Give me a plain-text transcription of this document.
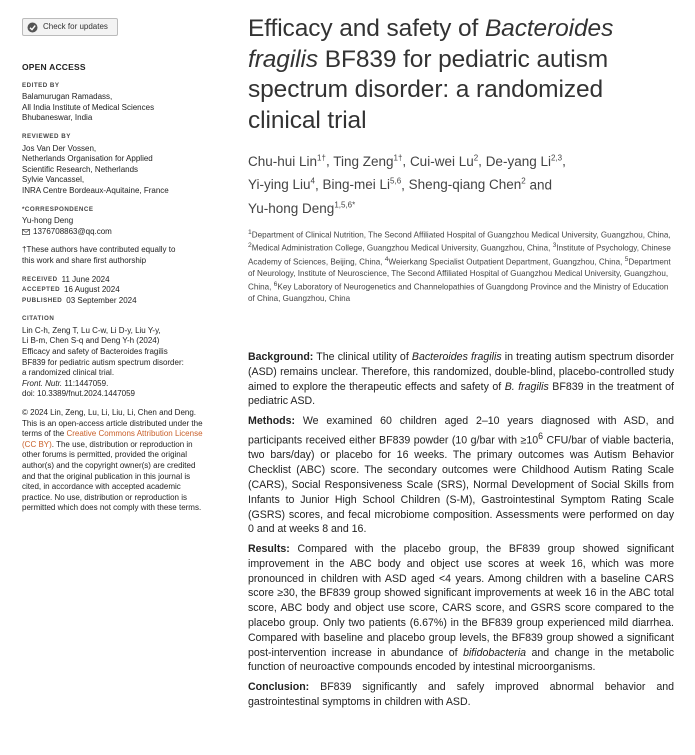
Check for updates
OPEN ACCESS
EDITED BY
Balamurugan Ramadass,
All India Institute of Medical Sciences
Bhubaneswar, India
REVIEWED BY
Jos Van Der Vossen,
Netherlands Organisation for Applied
Scientific Research, Netherlands
Sylvie Vancassel,
INRA Centre Bordeaux-Aquitaine, France
*CORRESPONDENCE
Yu-hong Deng
1376708863@qq.com
†These authors have contributed equally to
this work and share first authorship
RECEIVED 11 June 2024
ACCEPTED 16 August 2024
PUBLISHED 03 September 2024
CITATION
Lin C-h, Zeng T, Lu C-w, Li D-y, Liu Y-y,
Li B-m, Chen S-q and Deng Y-h (2024)
Efficacy and safety of Bacteroides fragilis
BF839 for pediatric autism spectrum disorder:
a randomized clinical trial.
Front. Nutr. 11:1447059.
doi: 10.3389/fnut.2024.1447059
© 2024 Lin, Zeng, Lu, Li, Liu, Li, Chen and Deng. This is an open-access article distributed under the terms of the Creative Commons Attribution License (CC BY). The use, distribution or reproduction in other forums is permitted, provided the original author(s) and the copyright owner(s) are credited and that the original publication in this journal is cited, in accordance with accepted academic practice. No use, distribution or reproduction is permitted which does not comply with these terms.
Efficacy and safety of Bacteroides fragilis BF839 for pediatric autism spectrum disorder: a randomized clinical trial
Chu-hui Lin$^{1\dagger}$, Ting Zeng$^{1\dagger}$, Cui-wei Lu$^2$, De-yang Li$^{2,3}$,
Yi-ying Liu$^4$, Bing-mei Li$^{5,6}$, Sheng-qiang Chen$^2$ and
Yu-hong Deng$^{1,5,6*}$
$^1$Department of Clinical Nutrition, The Second Affiliated Hospital of Guangzhou Medical University, Guangzhou, China, $^2$Medical Administration College, Guangzhou Medical University, Guangzhou, China, $^3$Institute of Psychology, Chinese Academy of Sciences, Beijing, China, $^4$Weierkang Specialist Outpatient Department, Guangzhou, China, $^5$Department of Neurology, Institute of Neuroscience, The Second Affiliated Hospital of Guangzhou Medical University, Guangzhou, China, $^6$Key Laboratory of Neurogenetics and Channelopathies of Guangdong Province and the Ministry of Education of China, Guangzhou, China

Background: The clinical utility of Bacteroides fragilis in treating autism spectrum disorder (ASD) remains unclear. Therefore, this randomized, double-blind, placebo-controlled study aimed to explore the therapeutic effects and safety of B. fragilis BF839 in the treatment of pediatric ASD.

Methods: We examined 60 children aged 2–10 years diagnosed with ASD, and participants received either BF839 powder (10 g/bar with $\ge 10^6$ CFU/bar of viable bacteria, two bars/day) or placebo for 16 weeks. The primary outcomes was Autism Behavior Checklist (ABC) score. The secondary outcomes were Childhood Autism Rating Scale (CARS), Social Responsiveness Scale (SRS), Normal Development of Social Skills from Infants to Junior High School Children (S-M), Gastrointestinal Symptom Rating Scale (GSRS) scores, and fecal microbiome composition. Assessments were performed on day 0 and at weeks 8 and 16.

Results: Compared with the placebo group, the BF839 group showed significant improvement in the ABC body and object use scores at week 16, which was more pronounced in children with ASD aged <4 years. Among children with a baseline CARS score ≥30, the BF839 group showed significant improvements at week 16 in the ABC total score, ABC body and object use score, CARS score, and GSRS score compared to the placebo group. Only two patients (6.67%) in the BF839 group experienced mild diarrhea. Compared with baseline and placebo group levels, the BF839 group showed a significant post-intervention increase in abundance of bifidobacteria and change in the metabolic function of neuroactive compounds encoded by intestinal microorganisms.

Conclusion: BF839 significantly and safely improved abnormal behavior and gastrointestinal symptoms in children with ASD.
